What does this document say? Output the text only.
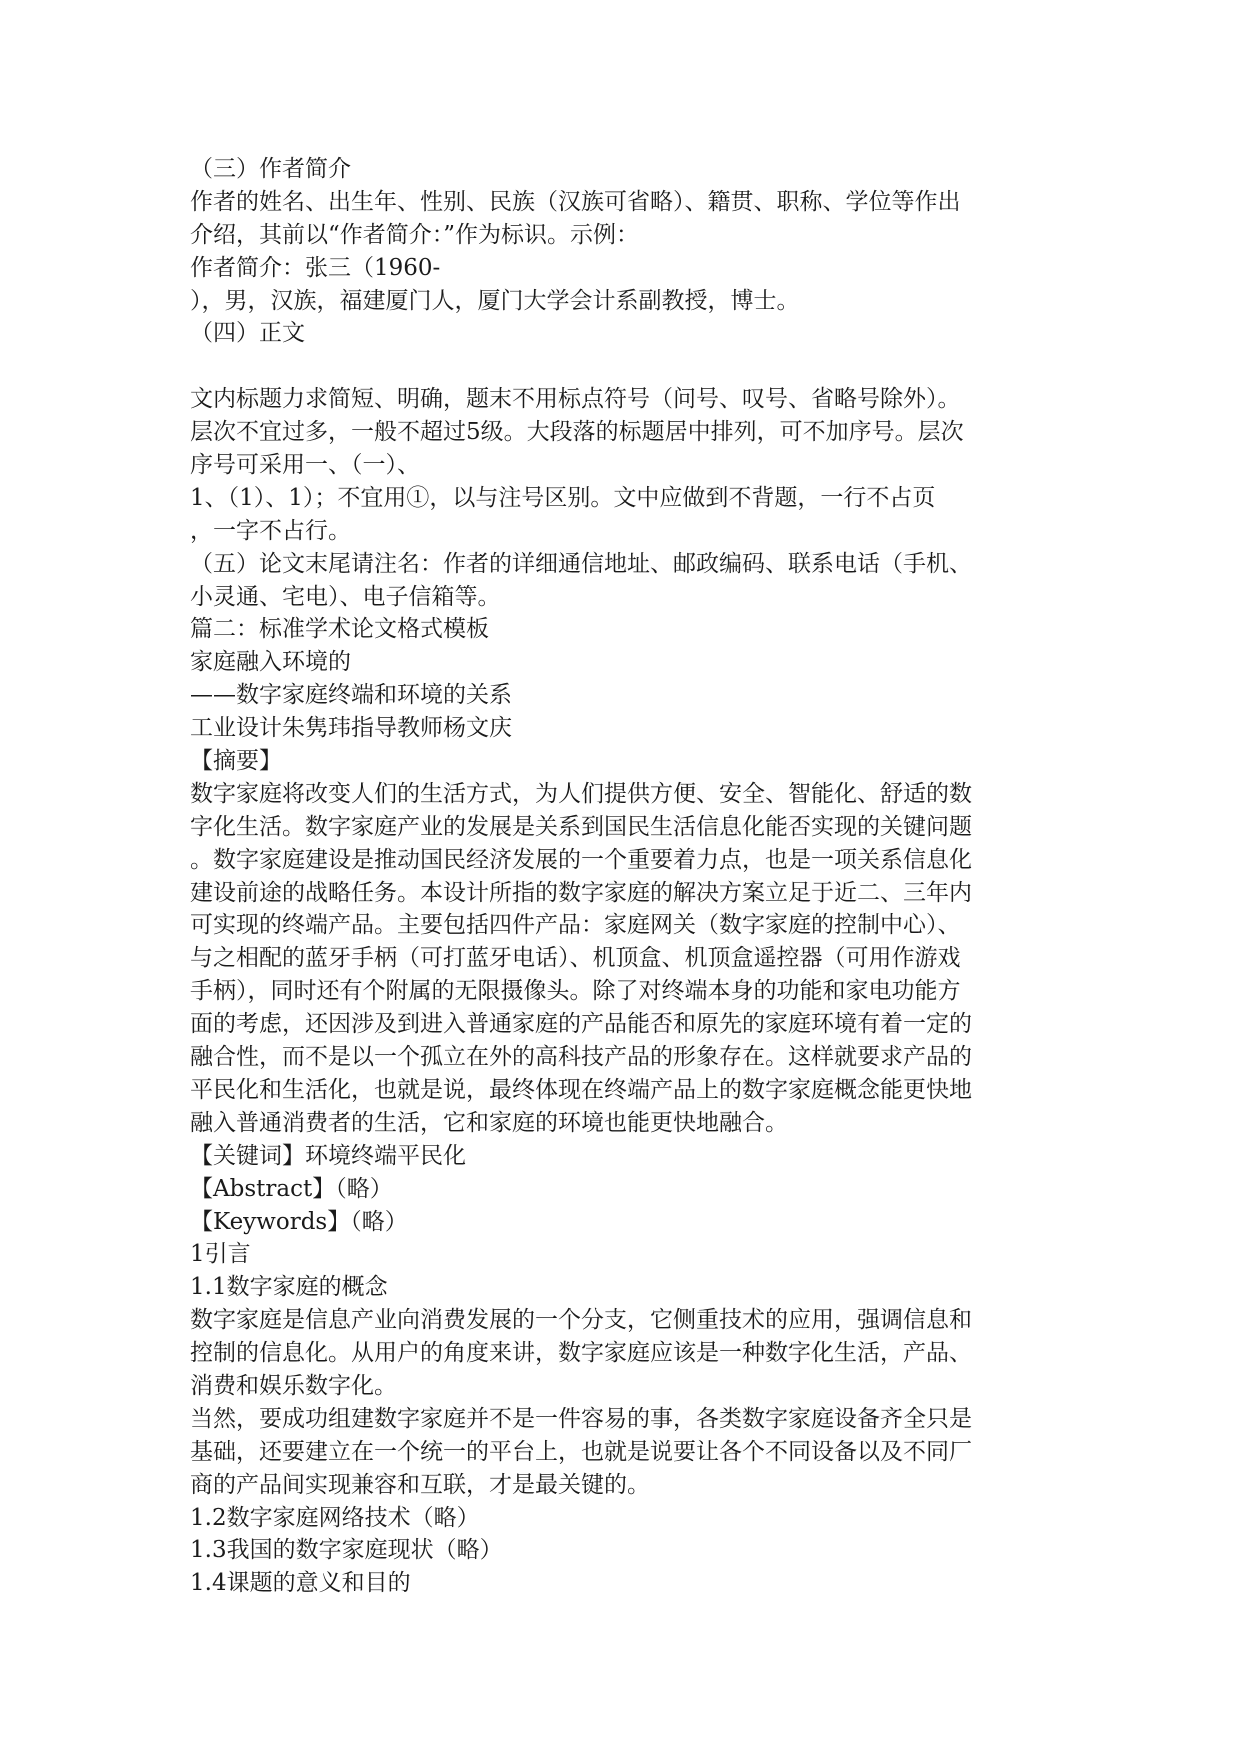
（三）作者简介
作者的姓名、出生年、性别、民族（汉族可省略）、籍贯、职称、学位等作出
介绍，其前以“作者简介：”作为标识。示例：
作者简介：张三（1960-
），男，汉族，福建厦门人，厦门大学会计系副教授，博士。
（四）正文
文内标题力求简短、明确，题末不用标点符号（问号、叹号、省略号除外）。
层次不宜过多，一般不超过5级。大段落的标题居中排列，可不加序号。层次
序号可采用一、（一）、
1、（1）、1）；不宜用①，以与注号区别。文中应做到不背题，一行不占页
，一字不占行。
（五）论文末尾请注名：作者的详细通信地址、邮政编码、联系电话（手机、
小灵通、宅电）、电子信箱等。
篇二：标准学术论文格式模板
家庭融入环境的
——数字家庭终端和环境的关系
工业设计朱隽玮指导教师杨文庆
【摘要】
数字家庭将改变人们的生活方式，为人们提供方便、安全、智能化、舒适的数
字化生活。数字家庭产业的发展是关系到国民生活信息化能否实现的关键问题
。数字家庭建设是推动国民经济发展的一个重要着力点，也是一项关系信息化
建设前途的战略任务。本设计所指的数字家庭的解决方案立足于近二、三年内
可实现的终端产品。主要包括四件产品：家庭网关（数字家庭的控制中心）、
与之相配的蓝牙手柄（可打蓝牙电话）、机顶盒、机顶盒遥控器（可用作游戏
手柄），同时还有个附属的无限摄像头。除了对终端本身的功能和家电功能方
面的考虑，还因涉及到进入普通家庭的产品能否和原先的家庭环境有着一定的
融合性，而不是以一个孤立在外的高科技产品的形象存在。这样就要求产品的
平民化和生活化，也就是说，最终体现在终端产品上的数字家庭概念能更快地
融入普通消费者的生活，它和家庭的环境也能更快地融合。
【关键词】环境终端平民化
【Abstract】（略）
【Keywords】（略）
1引言
1.1数字家庭的概念
数字家庭是信息产业向消费发展的一个分支，它侧重技术的应用，强调信息和
控制的信息化。从用户的角度来讲，数字家庭应该是一种数字化生活，产品、
消费和娱乐数字化。
当然，要成功组建数字家庭并不是一件容易的事，各类数字家庭设备齐全只是
基础，还要建立在一个统一的平台上，也就是说要让各个不同设备以及不同厂
商的产品间实现兼容和互联，才是最关键的。
1.2数字家庭网络技术（略）
1.3我国的数字家庭现状（略）
1.4课题的意义和目的
